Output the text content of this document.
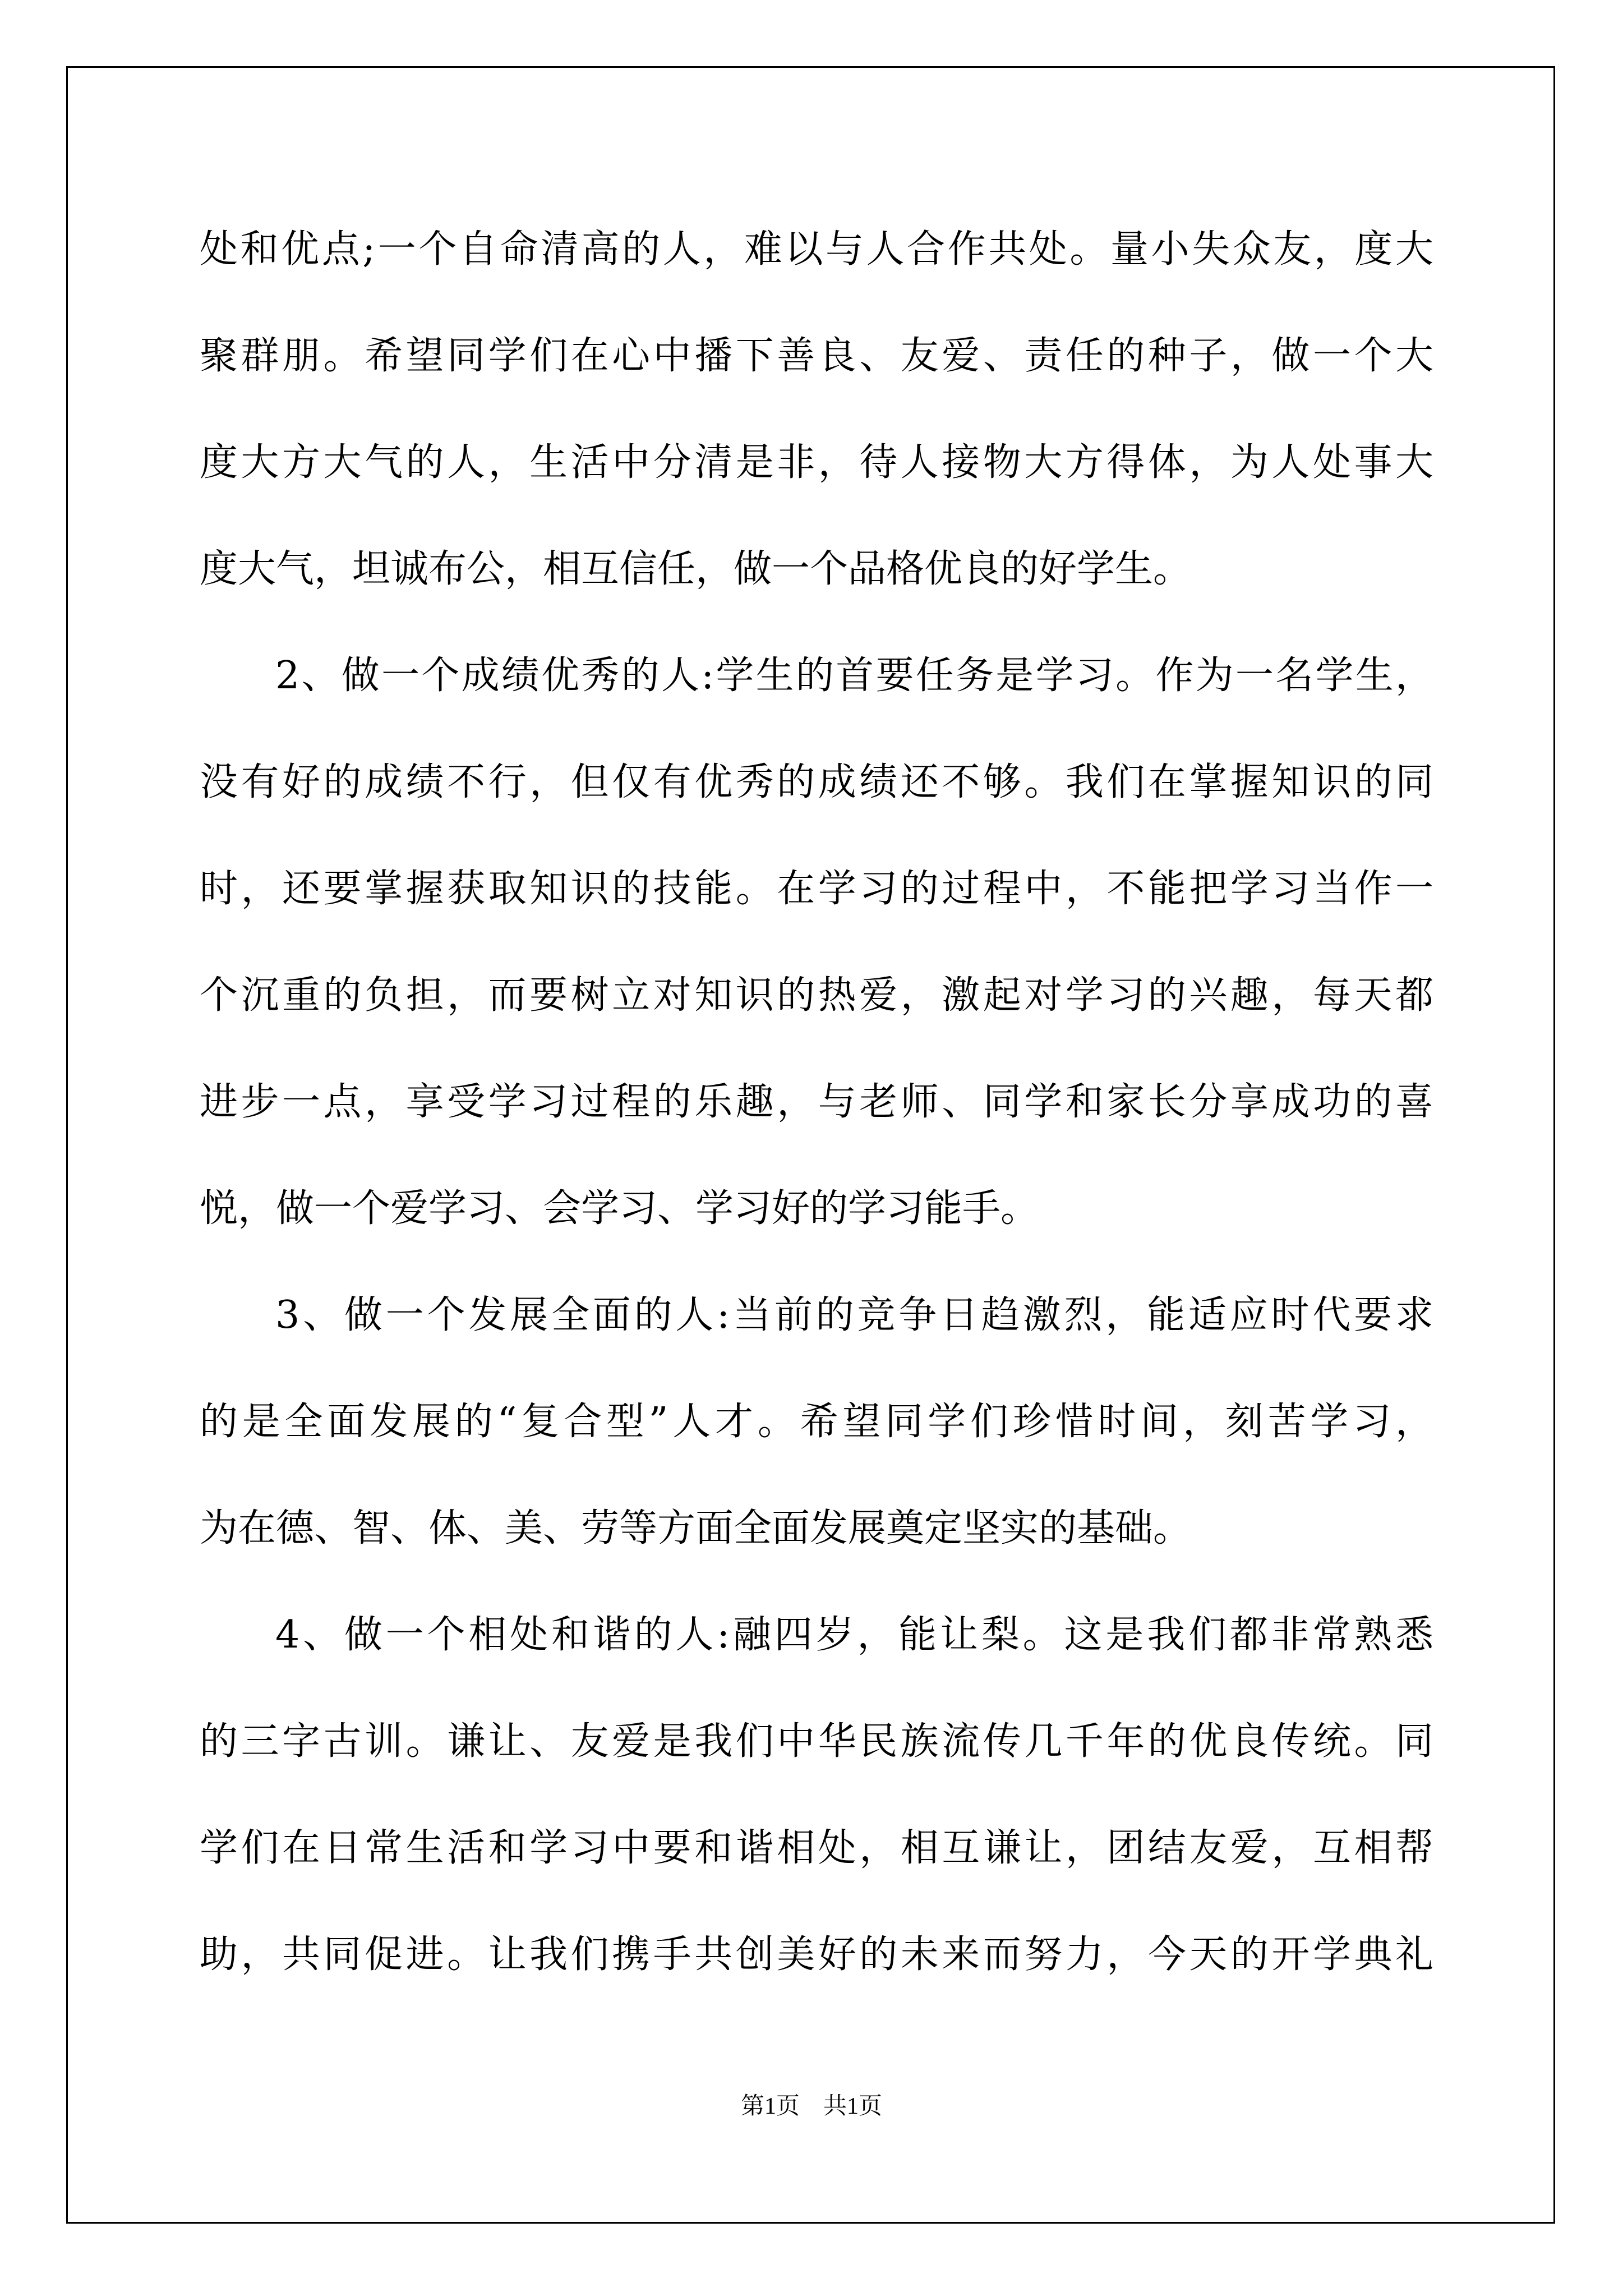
处和优点;一个自命清高的人，难以与人合作共处。量小失众友，度大
聚群朋。希望同学们在心中播下善良、友爱、责任的种子，做一个大
度大方大气的人，生活中分清是非，待人接物大方得体，为人处事大
度大气，坦诚布公，相互信任，做一个品格优良的好学生。
2、做一个成绩优秀的人:学生的首要任务是学习。作为一名学生，
没有好的成绩不行，但仅有优秀的成绩还不够。我们在掌握知识的同
时，还要掌握获取知识的技能。在学习的过程中，不能把学习当作一
个沉重的负担，而要树立对知识的热爱，激起对学习的兴趣，每天都
进步一点，享受学习过程的乐趣，与老师、同学和家长分享成功的喜
悦，做一个爱学习、会学习、学习好的学习能手。
3、做一个发展全面的人:当前的竞争日趋激烈，能适应时代要求
的是全面发展的“复合型”人才。希望同学们珍惜时间，刻苦学习，
为在德、智、体、美、劳等方面全面发展奠定坚实的基础。
4、做一个相处和谐的人:融四岁，能让梨。这是我们都非常熟悉
的三字古训。谦让、友爱是我们中华民族流传几千年的优良传统。同
学们在日常生活和学习中要和谐相处，相互谦让，团结友爱，互相帮
助，共同促进。让我们携手共创美好的未来而努力，今天的开学典礼
第1页　共1页
